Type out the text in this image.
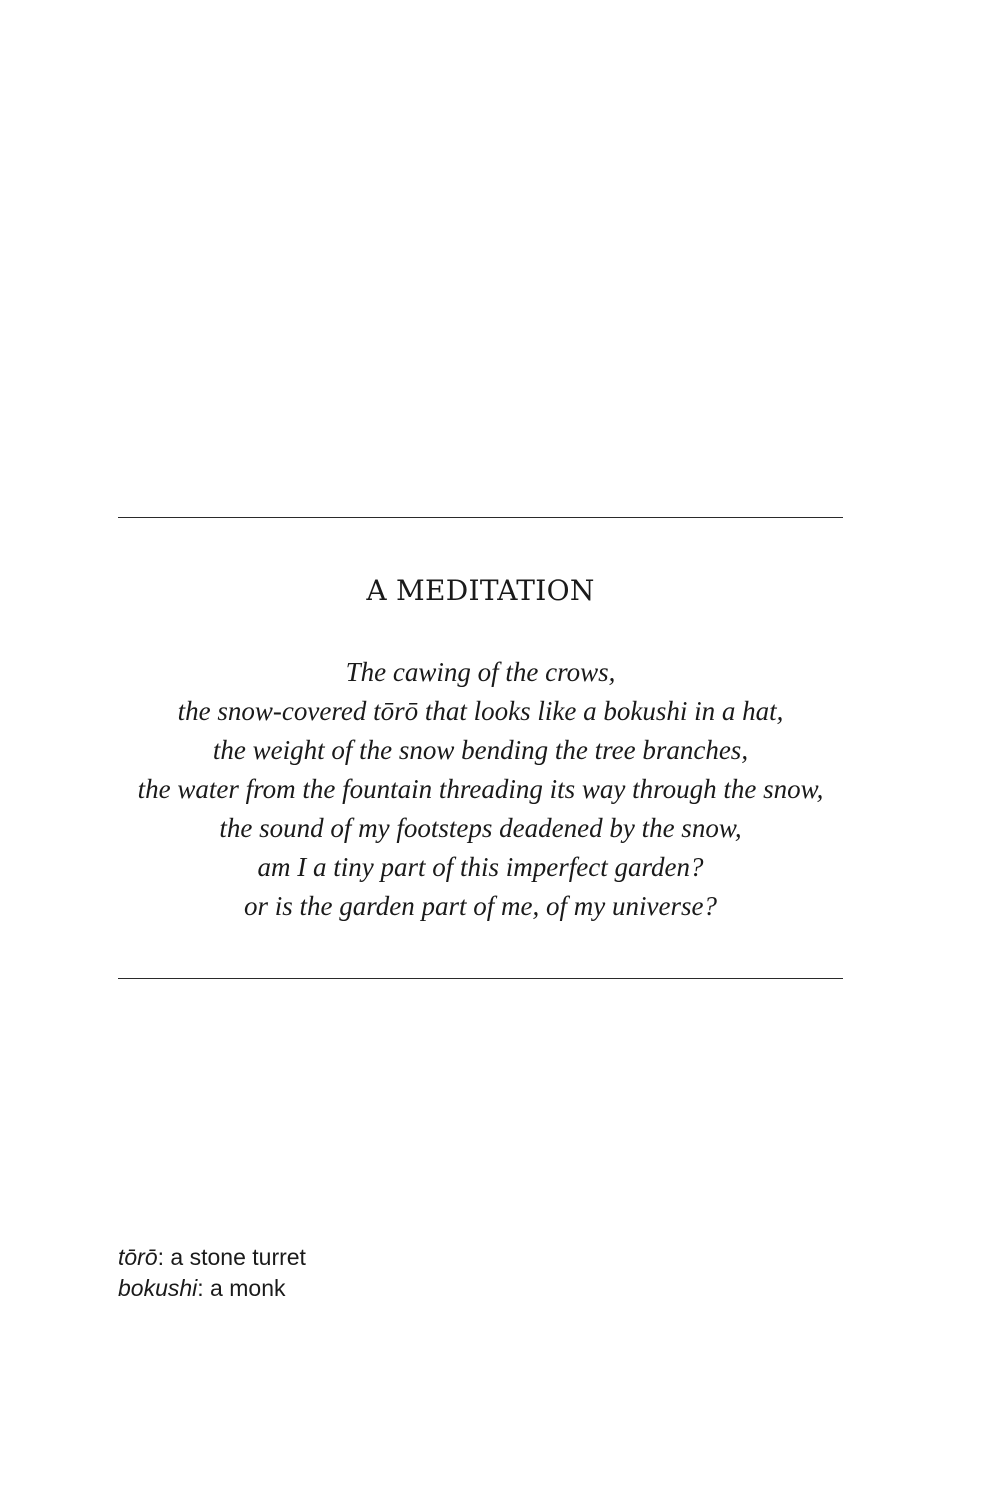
A MEDITATION
The cawing of the crows,
the snow-covered tōrō that looks like a bokushi in a hat,
the weight of the snow bending the tree branches,
the water from the fountain threading its way through the snow,
the sound of my footsteps deadened by the snow,
am I a tiny part of this imperfect garden?
or is the garden part of me, of my universe?
tōrō: a stone turret
bokushi: a monk
